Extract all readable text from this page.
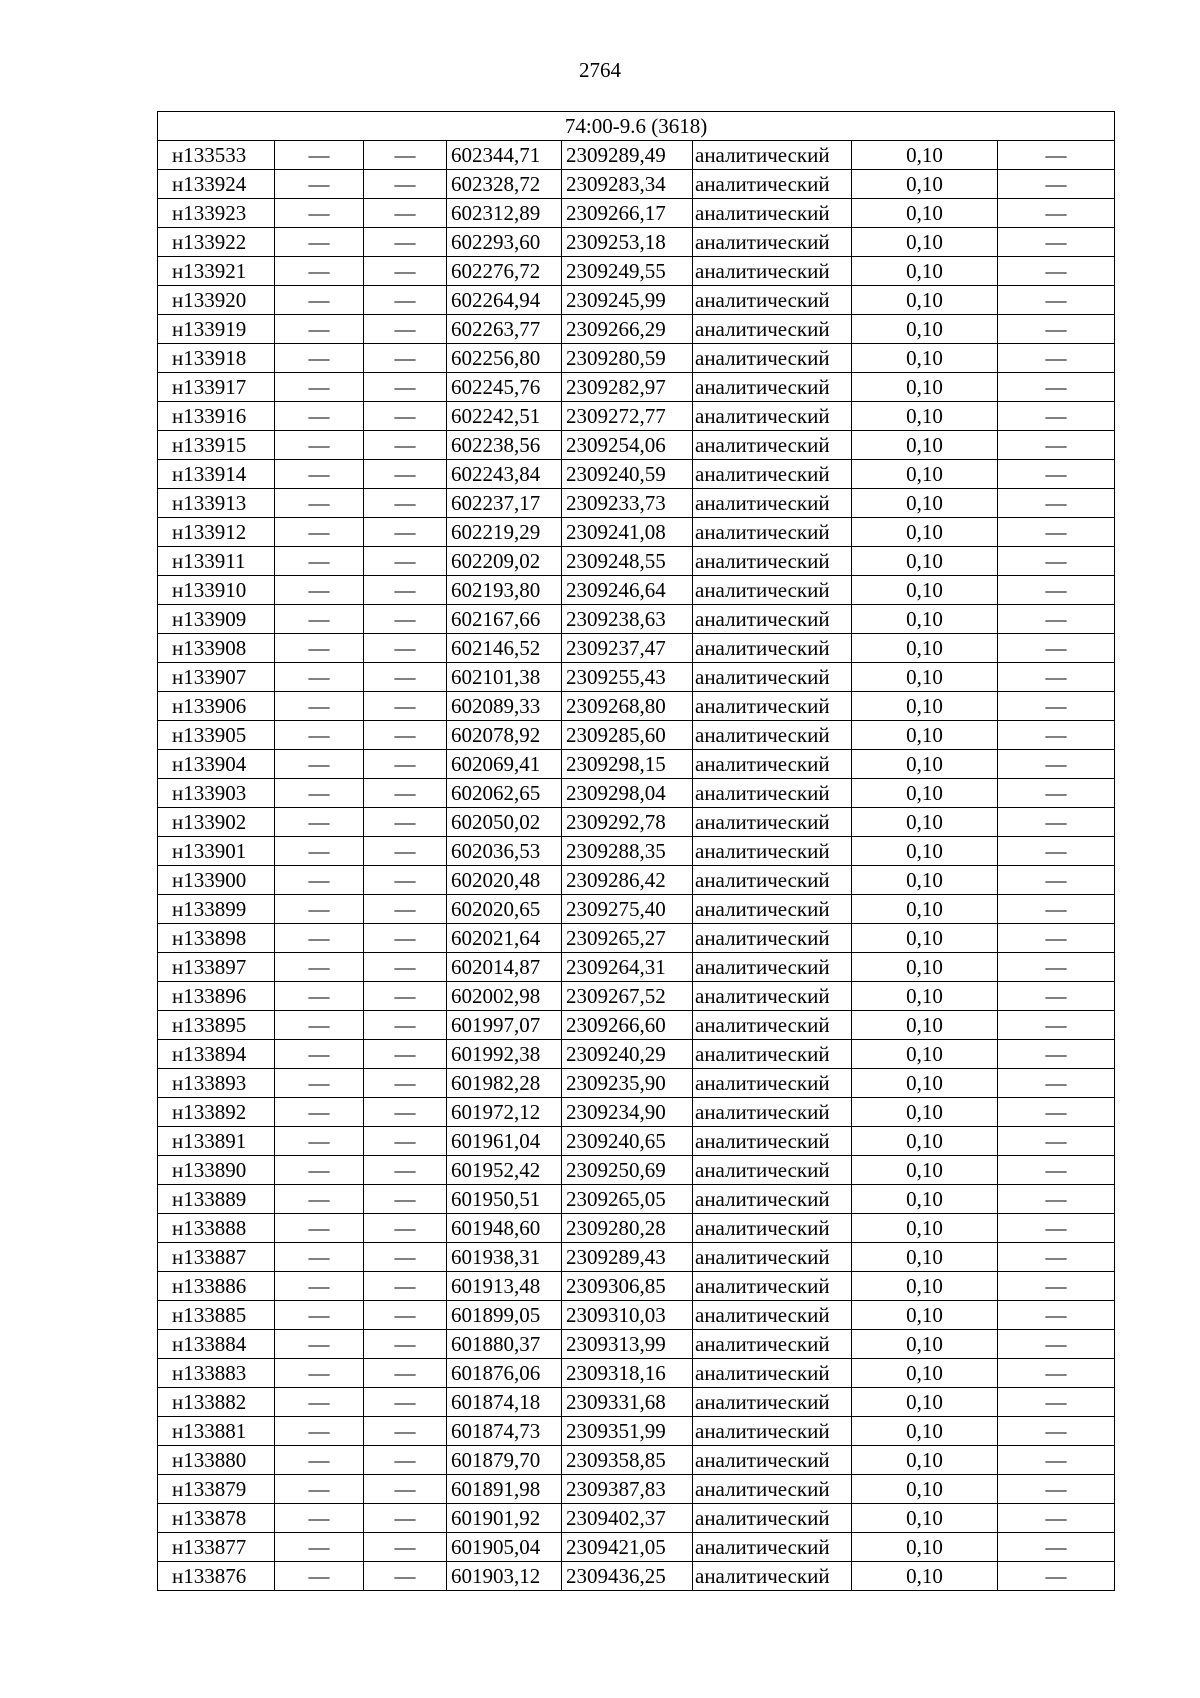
2764
74:00-9.6 (3618)							
н133533	—	—	602344,71	2309289,49	аналитический	0,10	—
н133924	—	—	602328,72	2309283,34	аналитический	0,10	—
н133923	—	—	602312,89	2309266,17	аналитический	0,10	—
н133922	—	—	602293,60	2309253,18	аналитический	0,10	—
н133921	—	—	602276,72	2309249,55	аналитический	0,10	—
н133920	—	—	602264,94	2309245,99	аналитический	0,10	—
н133919	—	—	602263,77	2309266,29	аналитический	0,10	—
н133918	—	—	602256,80	2309280,59	аналитический	0,10	—
н133917	—	—	602245,76	2309282,97	аналитический	0,10	—
н133916	—	—	602242,51	2309272,77	аналитический	0,10	—
н133915	—	—	602238,56	2309254,06	аналитический	0,10	—
н133914	—	—	602243,84	2309240,59	аналитический	0,10	—
н133913	—	—	602237,17	2309233,73	аналитический	0,10	—
н133912	—	—	602219,29	2309241,08	аналитический	0,10	—
н133911	—	—	602209,02	2309248,55	аналитический	0,10	—
н133910	—	—	602193,80	2309246,64	аналитический	0,10	—
н133909	—	—	602167,66	2309238,63	аналитический	0,10	—
н133908	—	—	602146,52	2309237,47	аналитический	0,10	—
н133907	—	—	602101,38	2309255,43	аналитический	0,10	—
н133906	—	—	602089,33	2309268,80	аналитический	0,10	—
н133905	—	—	602078,92	2309285,60	аналитический	0,10	—
н133904	—	—	602069,41	2309298,15	аналитический	0,10	—
н133903	—	—	602062,65	2309298,04	аналитический	0,10	—
н133902	—	—	602050,02	2309292,78	аналитический	0,10	—
н133901	—	—	602036,53	2309288,35	аналитический	0,10	—
н133900	—	—	602020,48	2309286,42	аналитический	0,10	—
н133899	—	—	602020,65	2309275,40	аналитический	0,10	—
н133898	—	—	602021,64	2309265,27	аналитический	0,10	—
н133897	—	—	602014,87	2309264,31	аналитический	0,10	—
н133896	—	—	602002,98	2309267,52	аналитический	0,10	—
н133895	—	—	601997,07	2309266,60	аналитический	0,10	—
н133894	—	—	601992,38	2309240,29	аналитический	0,10	—
н133893	—	—	601982,28	2309235,90	аналитический	0,10	—
н133892	—	—	601972,12	2309234,90	аналитический	0,10	—
н133891	—	—	601961,04	2309240,65	аналитический	0,10	—
н133890	—	—	601952,42	2309250,69	аналитический	0,10	—
н133889	—	—	601950,51	2309265,05	аналитический	0,10	—
н133888	—	—	601948,60	2309280,28	аналитический	0,10	—
н133887	—	—	601938,31	2309289,43	аналитический	0,10	—
н133886	—	—	601913,48	2309306,85	аналитический	0,10	—
н133885	—	—	601899,05	2309310,03	аналитический	0,10	—
н133884	—	—	601880,37	2309313,99	аналитический	0,10	—
н133883	—	—	601876,06	2309318,16	аналитический	0,10	—
н133882	—	—	601874,18	2309331,68	аналитический	0,10	—
н133881	—	—	601874,73	2309351,99	аналитический	0,10	—
н133880	—	—	601879,70	2309358,85	аналитический	0,10	—
н133879	—	—	601891,98	2309387,83	аналитический	0,10	—
н133878	—	—	601901,92	2309402,37	аналитический	0,10	—
н133877	—	—	601905,04	2309421,05	аналитический	0,10	—
н133876	—	—	601903,12	2309436,25	аналитический	0,10	—
